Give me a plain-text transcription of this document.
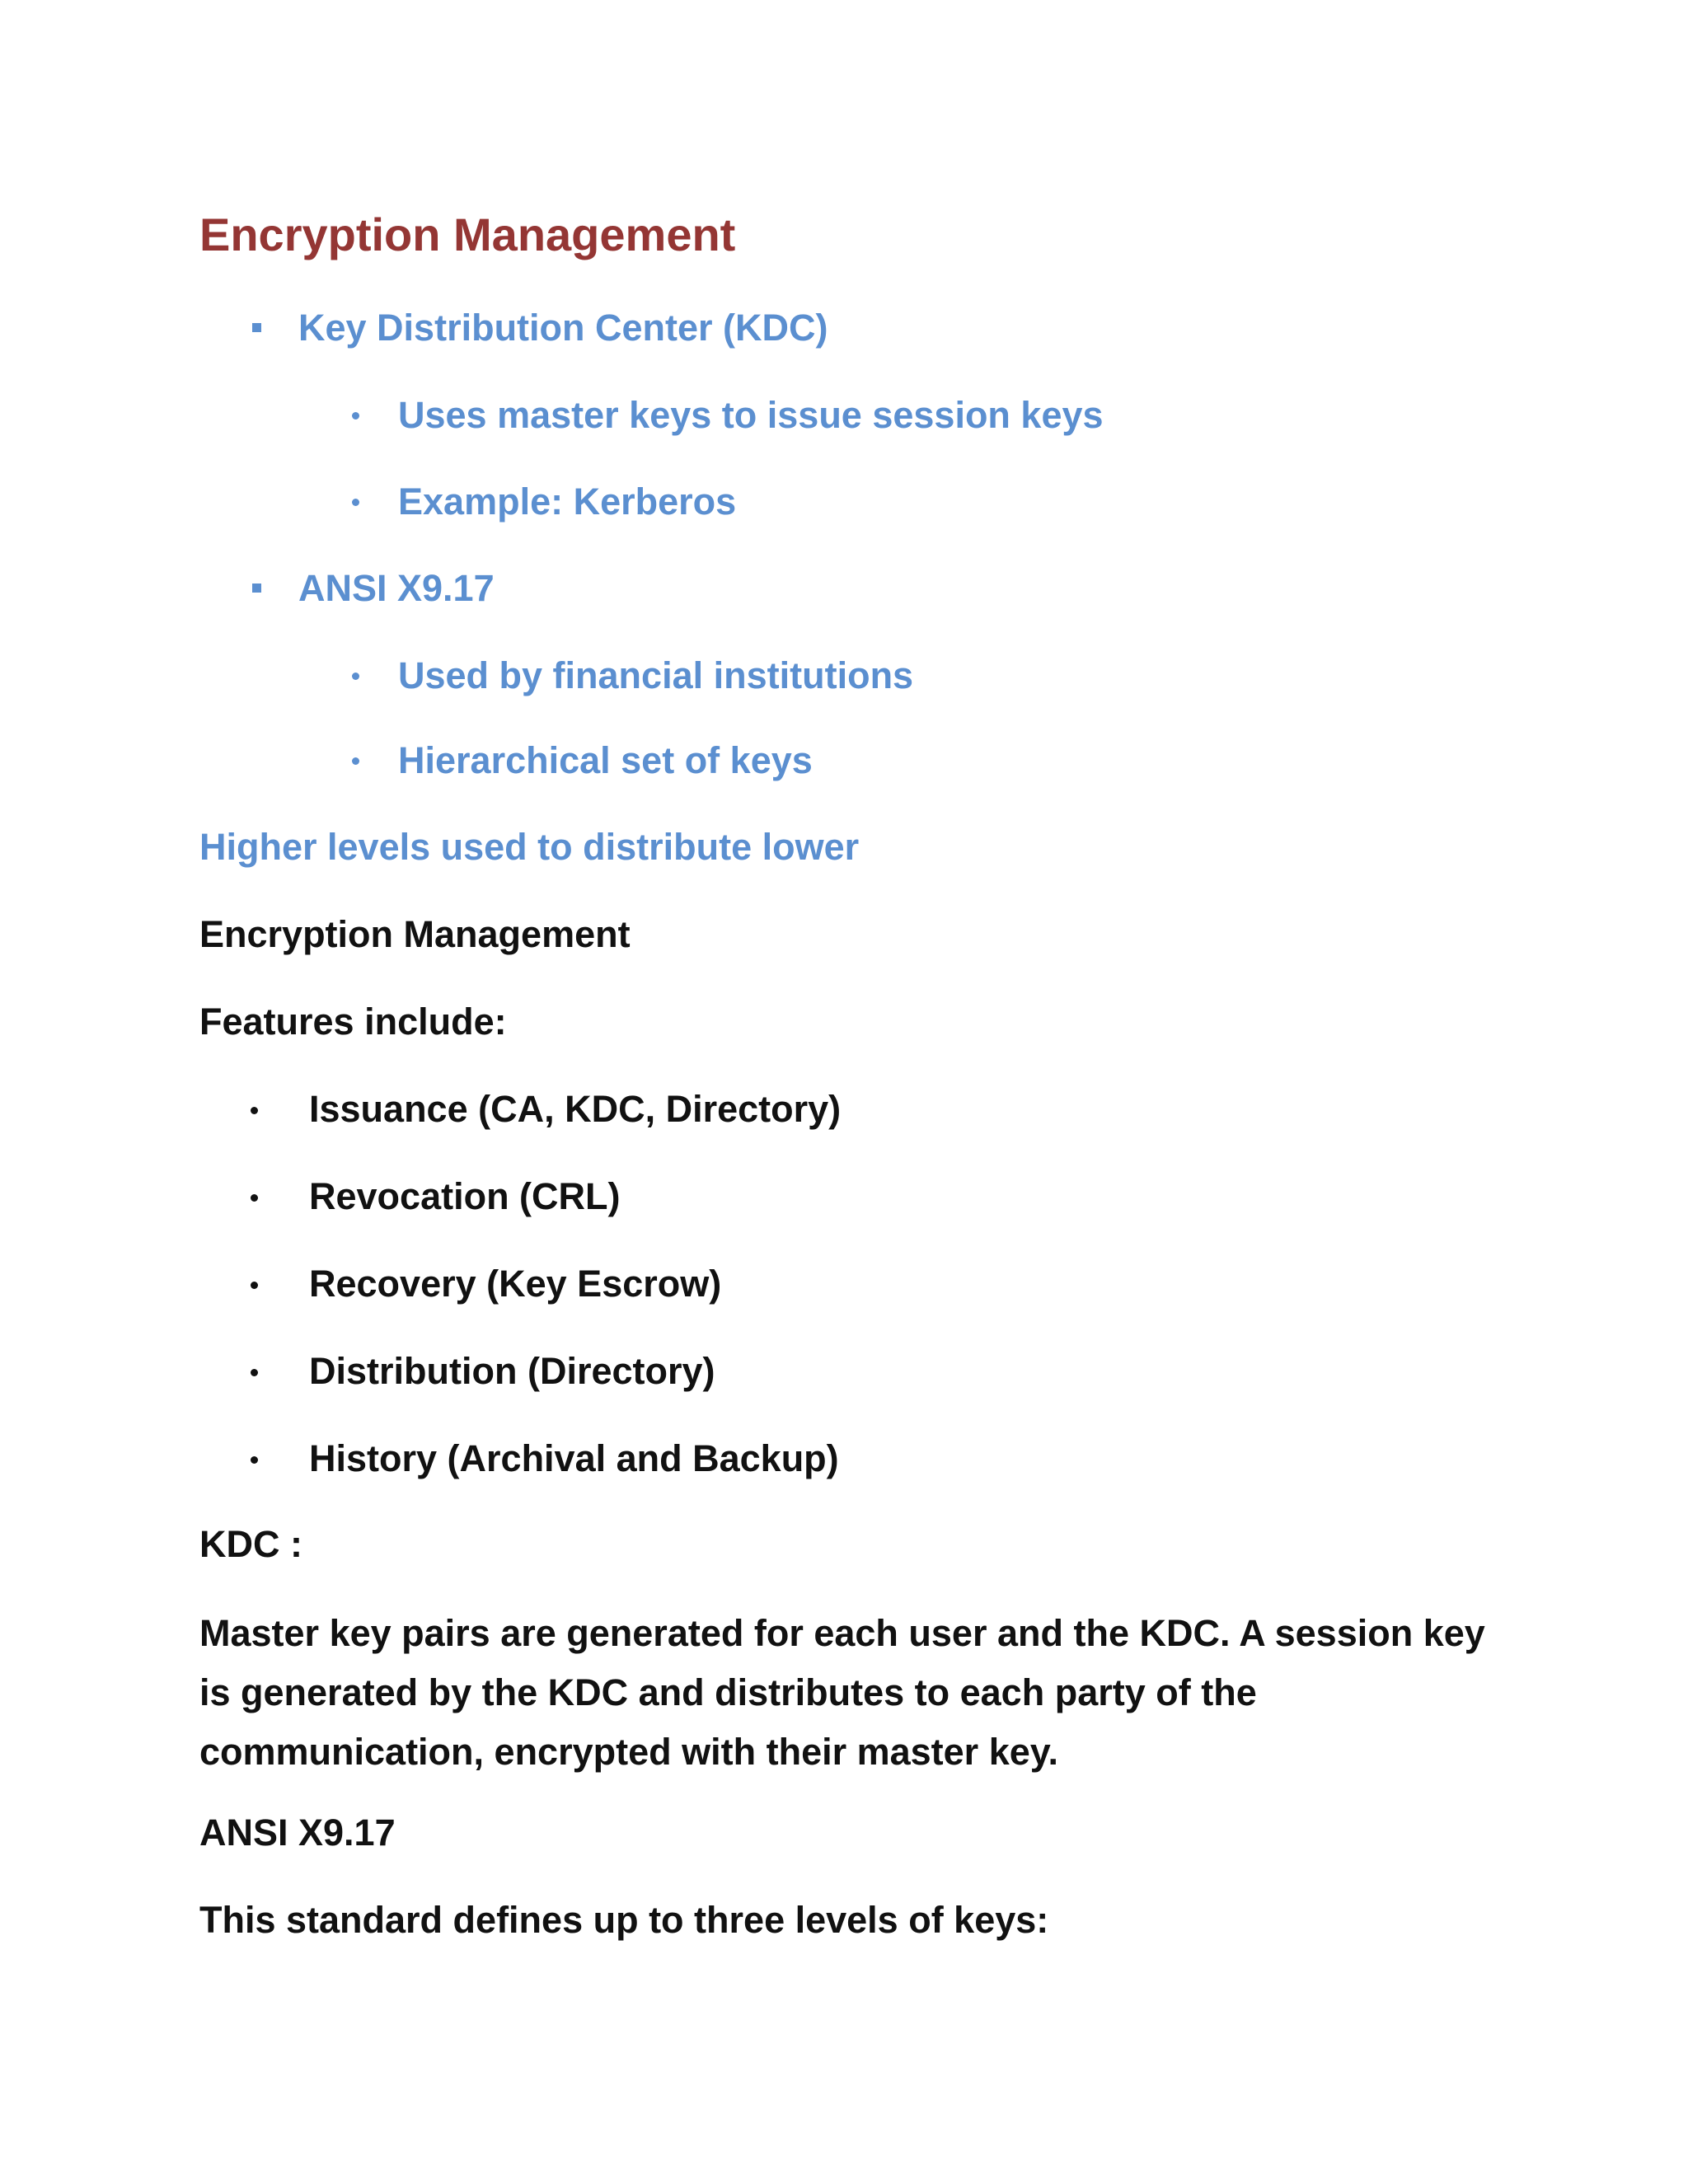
Encryption Management
Key Distribution Center (KDC)
Uses master keys to issue session keys
Example: Kerberos
ANSI X9.17
Used by financial institutions
Hierarchical set of keys
Higher levels used to distribute lower
Encryption Management
Features include:
Issuance (CA, KDC, Directory)
Revocation (CRL)
Recovery (Key Escrow)
Distribution (Directory)
History (Archival and Backup)
KDC :
Master key pairs are generated for each user and the KDC. A session key is generated by the KDC and distributes to each party of the communication, encrypted with their master key.
ANSI X9.17
This standard defines up to three levels of keys:
